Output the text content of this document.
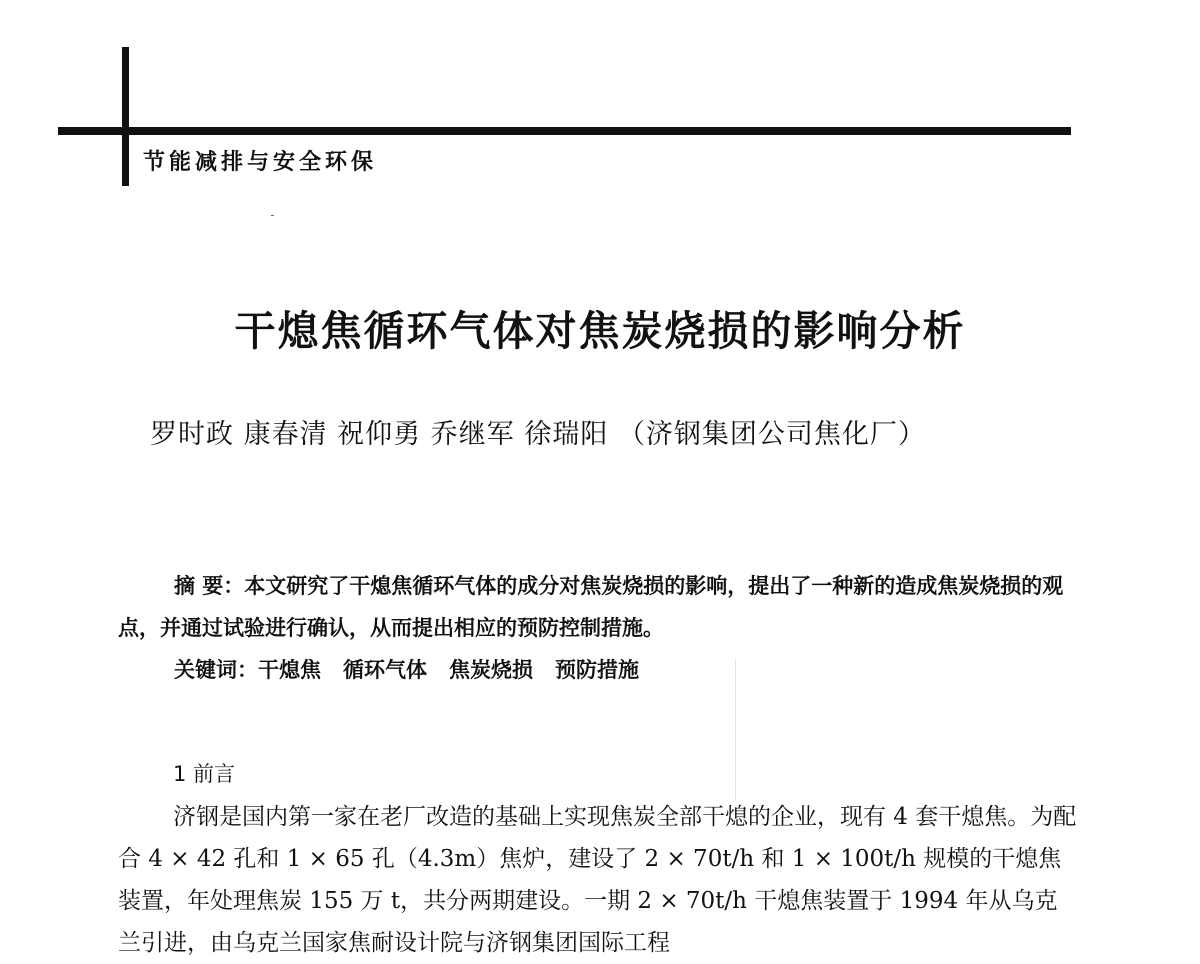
节能减排与安全环保
干熄焦循环气体对焦炭烧损的影响分析
罗时政 康春清 祝仰勇 乔继军 徐瑞阳 （济钢集团公司焦化厂）

摘 要：本文研究了干熄焦循环气体的成分对焦炭烧损的影响，提出了一种新的造成焦炭烧损的观点，并通过试验进行确认，从而提出相应的预防控制措施。

关键词：干熄焦 循环气体 焦炭烧损 预防措施

1 前言

济钢是国内第一家在老厂改造的基础上实现焦炭全部干熄的企业，现有 4 套干熄焦。为配合 4 × 42 孔和 1 × 65 孔（4.3m）焦炉，建设了 2 × 70t/h 和 1 × 100t/h 规模的干熄焦装置，年处理焦炭 155 万 t，共分两期建设。一期 2 × 70t/h 干熄焦装置于 1994 年从乌克兰引进，由乌克兰国家焦耐设计院与济钢集团国际工程
